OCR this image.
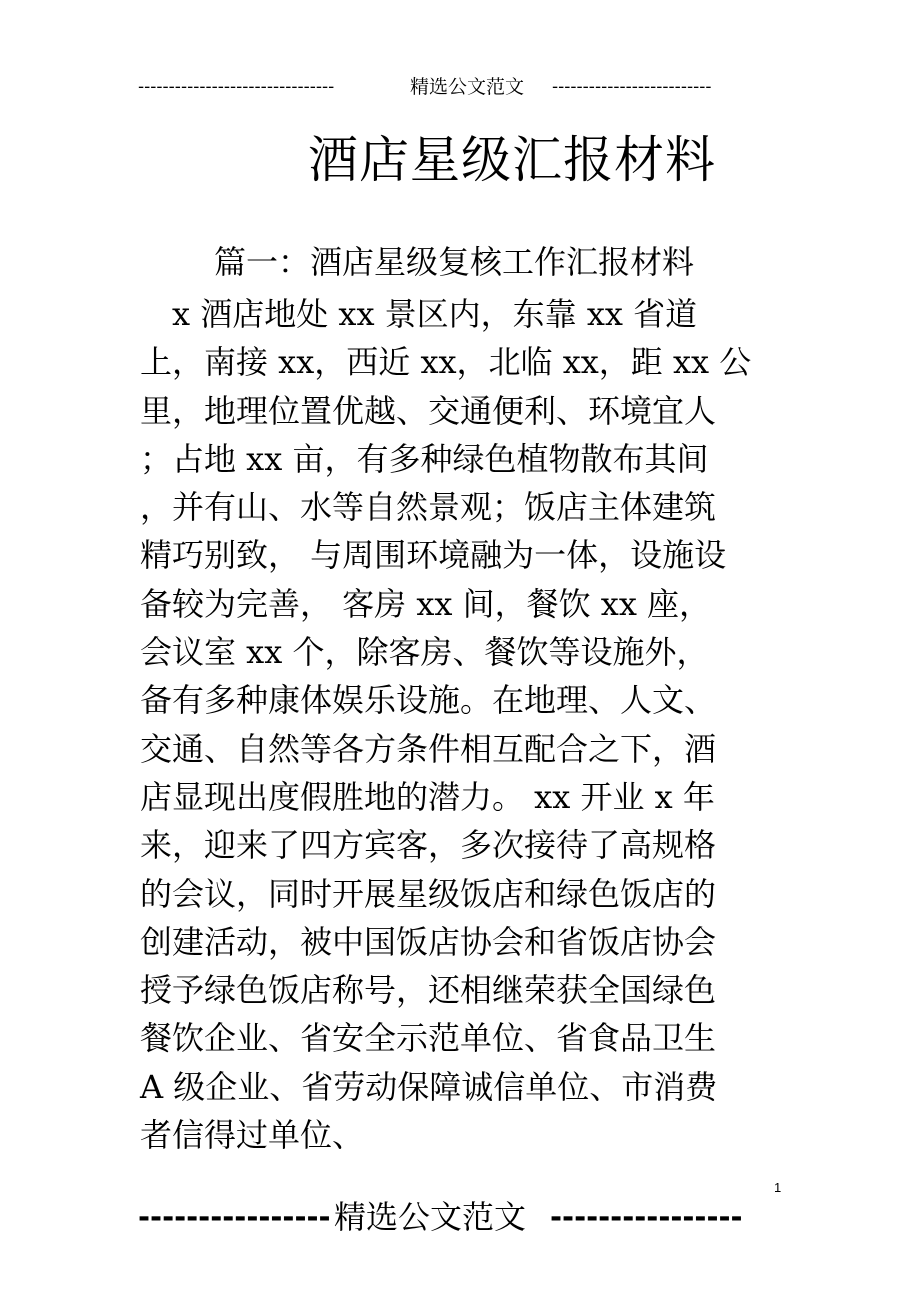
--------------------------------	精选公文范文 --------------------------
酒店星级汇报材料
篇一：酒店星级复核工作汇报材料
　x 酒店地处 xx 景区内，东靠 xx 省道
上，南接 xx，西近 xx，北临 xx，距 xx 公
里，地理位置优越、交通便利、环境宜人
；占地 xx 亩，有多种绿色植物散布其间
，并有山、水等自然景观；饭店主体建筑
精巧别致， 与周围环境融为一体，设施设
备较为完善， 客房 xx 间，餐饮 xx 座，
会议室 xx 个，除客房、餐饮等设施外，
备有多种康体娱乐设施。在地理、人文、
交通、自然等各方条件相互配合之下，酒
店显现出度假胜地的潜力。 xx 开业 x 年
来，迎来了四方宾客，多次接待了高规格
的会议，同时开展星级饭店和绿色饭店的
创建活动，被中国饭店协会和省饭店协会
授予绿色饭店称号，还相继荣获全国绿色
餐饮企业、省安全示范单位、省食品卫生
A 级企业、省劳动保障诚信单位、市消费
者信得过单位、
1
---------------- 精选公文范文 ----------------
